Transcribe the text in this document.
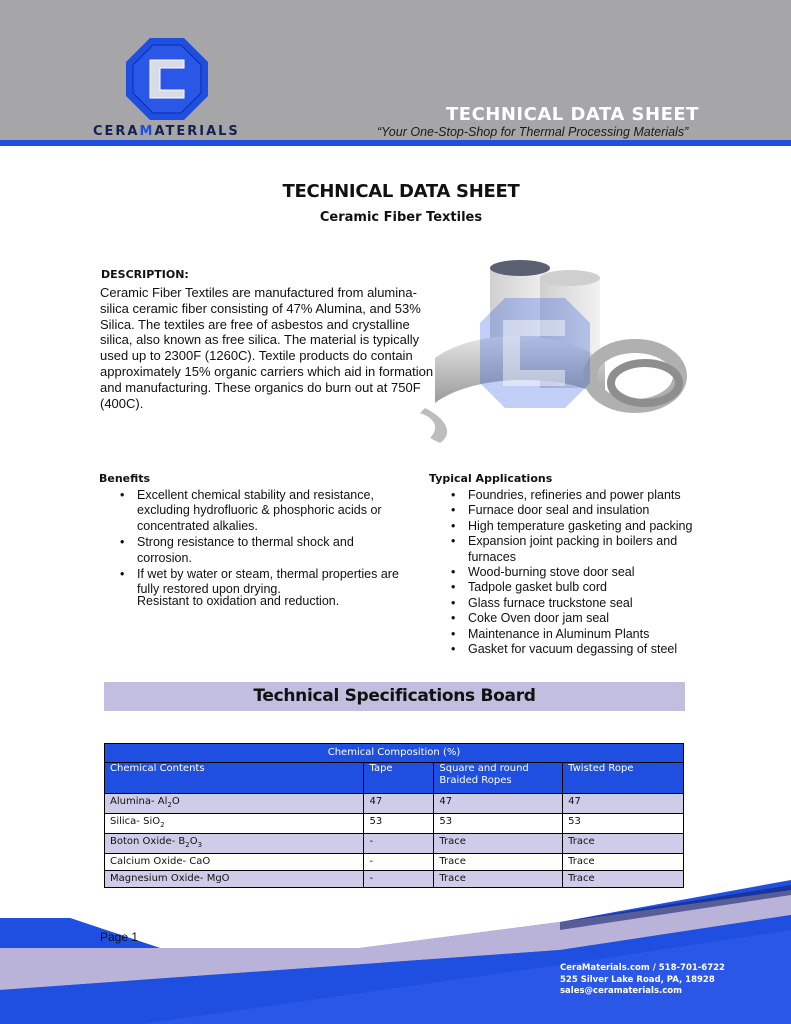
CERAMATERIALS

TECHNICAL DATA SHEET

“Your One-Stop-Shop for Thermal Processing Materials”

TECHNICAL DATA SHEET
Ceramic Fiber Textiles

DESCRIPTION:

Ceramic Fiber Textiles are manufactured from alumina-silica ceramic fiber consisting of 47% Alumina, and 53% Silica. The textiles are free of asbestos and crystalline silica, also known as free silica. The material is typically used up to 2300F (1260C). Textile products do contain approximately 15% organic carriers which aid in formation and manufacturing. These organics do burn out at 750F (400C).

Benefits

• Excellent chemical stability and resistance, excluding hydrofluoric & phosphoric acids or concentrated alkalies.
• Strong resistance to thermal shock and corrosion.
• If wet by water or steam, thermal properties are fully restored upon drying.

Resistant to oxidation and reduction.

Typical Applications

• Foundries, refineries and power plants
• Furnace door seal and insulation
• High temperature gasketing and packing
• Expansion joint packing in boilers and furnaces
• Wood-burning stove door seal
• Tadpole gasket bulb cord
• Glass furnace truckstone seal
• Coke Oven door jam seal
• Maintenance in Aluminum Plants
• Gasket for vacuum degassing of steel

Technical Specifications Board

Chemical Composition (%)			
Chemical Contents	Tape	Square and round Braided Ropes	Twisted Rope
Alumina- $Al_2O$	47	47	47
Silica- SiO$_2$	53	53	53
Boton Oxide- $B_2O_3$	-	Trace	Trace
Calcium Oxide- CaO	-	Trace	Trace
Magnesium Oxide- MgO	-	Trace	Trace

Page 1

CeraMaterials.com / 518-701-6722
525 Silver Lake Road, PA, 18928
sales@ceramaterials.com
